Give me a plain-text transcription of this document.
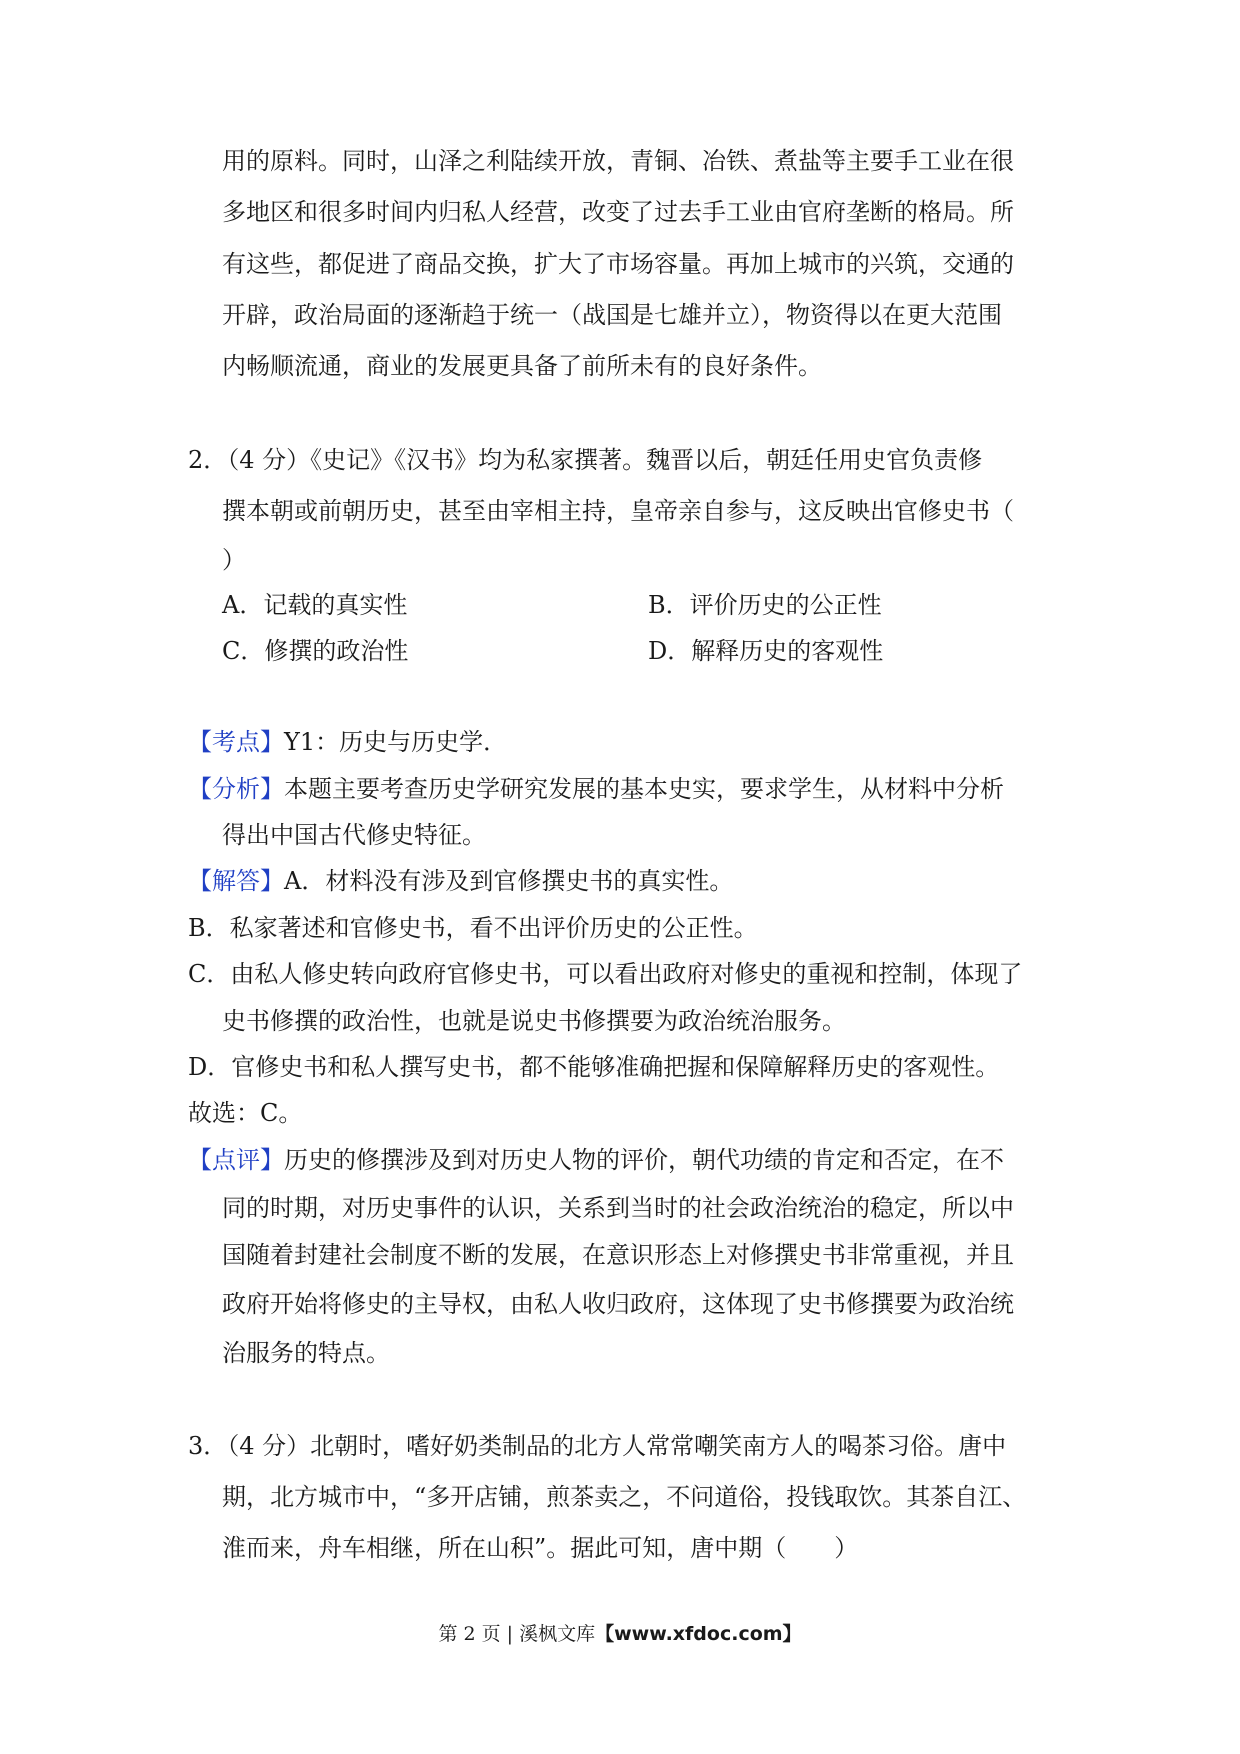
用的原料。同时，山泽之利陆续开放，青铜、冶铁、煮盐等主要手工业在很
多地区和很多时间内归私人经营，改变了过去手工业由官府垄断的格局。所
有这些，都促进了商品交换，扩大了市场容量。再加上城市的兴筑，交通的
开辟，政治局面的逐渐趋于统一（战国是七雄并立），物资得以在更大范围
内畅顺流通，商业的发展更具备了前所未有的良好条件。
2．（4 分）《史记》《汉书》均为私家撰著。魏晋以后，朝廷任用史官负责修
撰本朝或前朝历史，甚至由宰相主持，皇帝亲自参与，这反映出官修史书（
）
A．记载的真实性	B．评价历史的公正性
C．修撰的政治性	D．解释历史的客观性
【考点】Y1：历史与历史学．
【分析】本题主要考查历史学研究发展的基本史实，要求学生，从材料中分析
得出中国古代修史特征。
【解答】A．材料没有涉及到官修撰史书的真实性。
B．私家著述和官修史书，看不出评价历史的公正性。
C．由私人修史转向政府官修史书，可以看出政府对修史的重视和控制，体现了
史书修撰的政治性，也就是说史书修撰要为政治统治服务。
D．官修史书和私人撰写史书，都不能够准确把握和保障解释历史的客观性。
故选：C。
【点评】历史的修撰涉及到对历史人物的评价，朝代功绩的肯定和否定，在不
同的时期，对历史事件的认识，关系到当时的社会政治统治的稳定，所以中
国随着封建社会制度不断的发展，在意识形态上对修撰史书非常重视，并且
政府开始将修史的主导权，由私人收归政府，这体现了史书修撰要为政治统
治服务的特点。
3．（4 分）北朝时，嗜好奶类制品的北方人常常嘲笑南方人的喝茶习俗。唐中
期，北方城市中，“多开店铺，煎茶卖之，不问道俗，投钱取饮。其茶自江、
淮而来，舟车相继，所在山积”。据此可知，唐中期（　　）
第 2 页 | 溪枫文库【www.xfdoc.com】
